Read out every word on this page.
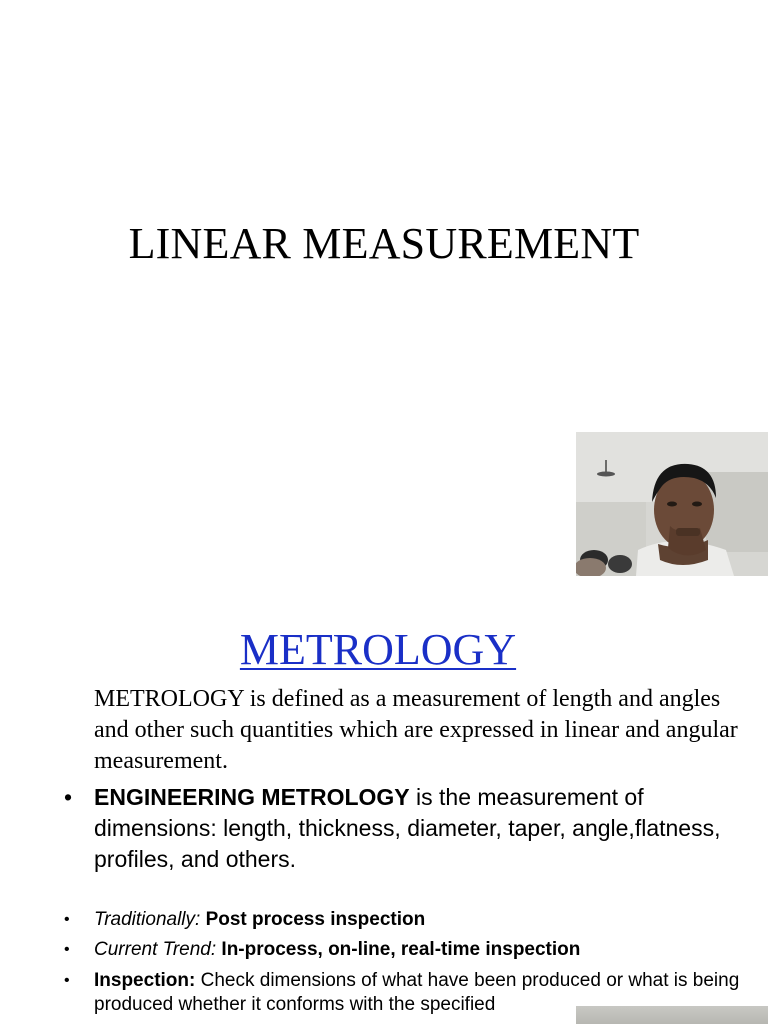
LINEAR MEASUREMENT
METROLOGY
METROLOGY is defined as a measurement of length and angles and other such quantities which are expressed in linear and angular measurement.
• ENGINEERING METROLOGY is the measurement of dimensions: length, thickness, diameter, taper, angle,flatness, profiles, and others.
• Traditionally: Post process inspection
• Current Trend: In-process, on-line, real-time inspection
• Inspection: Check dimensions of what have been produced or what is being produced whether it conforms with the specified
